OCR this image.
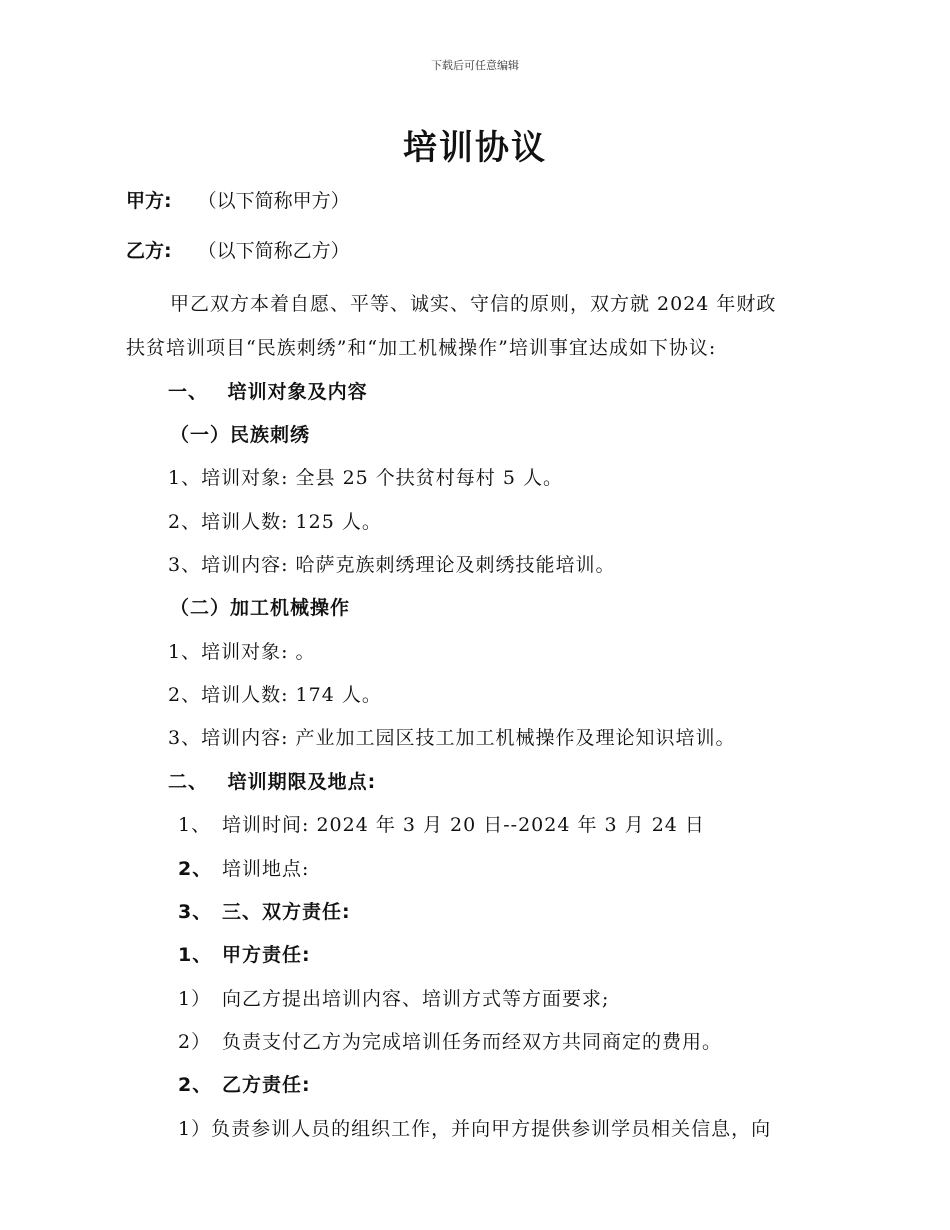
下载后可任意编辑
培训协议
甲方: （以下简称甲方）
乙方: （以下简称乙方）
甲乙双方本着自愿、平等、诚实、守信的原则，双方就 2024 年财政
扶贫培训项目“民族刺绣”和“加工机械操作”培训事宜达成如下协议:
一、 培训对象及内容
（一）民族刺绣
1、培训对象: 全县 25 个扶贫村每村 5 人。
2、培训人数: 125 人。
3、培训内容: 哈萨克族刺绣理论及刺绣技能培训。
（二）加工机械操作
1、培训对象: 。
2、培训人数: 174 人。
3、培训内容: 产业加工园区技工加工机械操作及理论知识培训。
二、 培训期限及地点:
1、 培训时间: 2024 年 3 月 20 日--2024 年 3 月 24 日
2、 培训地点:
3、 三、双方责任:
1、 甲方责任:
1） 向乙方提出培训内容、培训方式等方面要求;
2） 负责支付乙方为完成培训任务而经双方共同商定的费用。
2、 乙方责任:
1）负责参训人员的组织工作，并向甲方提供参训学员相关信息，向
